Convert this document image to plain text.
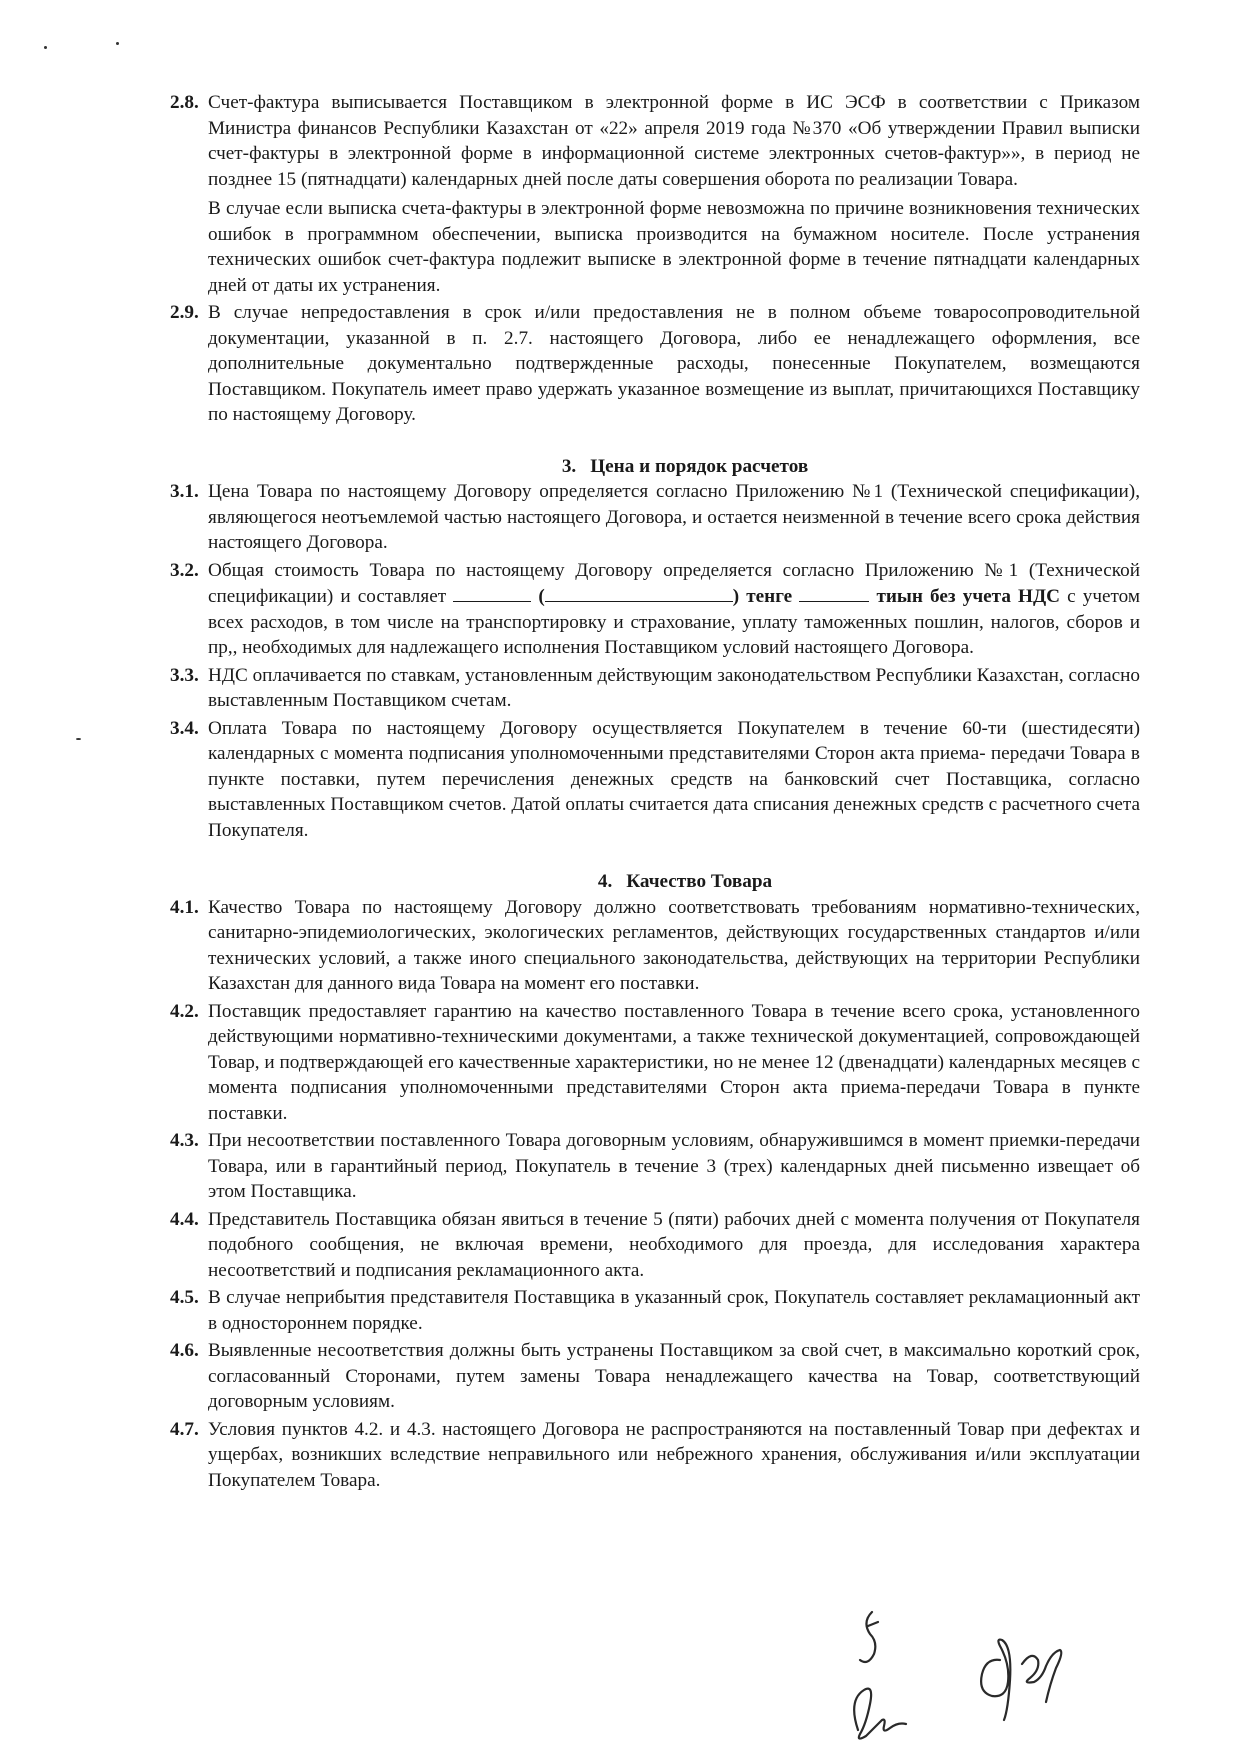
2.8. Счет-фактура выписывается Поставщиком в электронной форме в ИС ЭСФ в соответствии с Приказом Министра финансов Республики Казахстан от «22» апреля 2019 года №370 «Об утверждении Правил выписки счет-фактуры в электронной форме в информационной системе электронных счетов-фактур»», в период не позднее 15 (пятнадцати) календарных дней после даты совершения оборота по реализации Товара.

В случае если выписка счета-фактуры в электронной форме невозможна по причине возникновения технических ошибок в программном обеспечении, выписка производится на бумажном носителе. После устранения технических ошибок счет-фактура подлежит выписке в электронной форме в течение пятнадцати календарных дней от даты их устранения.

2.9. В случае непредоставления в срок и/или предоставления не в полном объеме товаросопроводительной документации, указанной в п. 2.7. настоящего Договора, либо ее ненадлежащего оформления, все дополнительные документально подтвержденные расходы, понесенные Покупателем, возмещаются Поставщиком. Покупатель имеет право удержать указанное возмещение из выплат, причитающихся Поставщику по настоящему Договору.

3. Цена и порядок расчетов
3.1. Цена Товара по настоящему Договору определяется согласно Приложению №1 (Технической спецификации), являющегося неотъемлемой частью настоящего Договора, и остается неизменной в течение всего срока действия настоящего Договора.

3.2. Общая стоимость Товара по настоящему Договору определяется согласно Приложению №1 (Технической спецификации) и составляет	(	) тенге	тиын без учета НДС с учетом всех расходов, в том числе на транспортировку и страхование, уплату таможенных пошлин, налогов, сборов и пр,, необходимых для надлежащего исполнения Поставщиком условий настоящего Договора.

3.3. НДС оплачивается по ставкам, установленным действующим законодательством Республики Казахстан, согласно выставленным Поставщиком счетам.

3.4. Оплата Товара по настоящему Договору осуществляется Покупателем в течение 60-ти (шестидесяти) календарных с момента подписания уполномоченными представителями Сторон акта приема- передачи Товара в пункте поставки, путем перечисления денежных средств на банковский счет Поставщика, согласно выставленных Поставщиком счетов. Датой оплаты считается дата списания денежных средств с расчетного счета Покупателя.

4. Качество Товара
4.1. Качество Товара по настоящему Договору должно соответствовать требованиям нормативно-технических, санитарно-эпидемиологических, экологических регламентов, действующих государственных стандартов и/или технических условий, а также иного специального законодательства, действующих на территории Республики Казахстан для данного вида Товара на момент его поставки.

4.2. Поставщик предоставляет гарантию на качество поставленного Товара в течение всего срока, установленного действующими нормативно-техническими документами, а также технической документацией, сопровождающей Товар, и подтверждающей его качественные характеристики, но не менее 12 (двенадцати) календарных месяцев с момента подписания уполномоченными представителями Сторон акта приема-передачи Товара в пункте поставки.

4.3. При несоответствии поставленного Товара договорным условиям, обнаружившимся в момент приемки-передачи Товара, или в гарантийный период, Покупатель в течение 3 (трех) календарных дней письменно извещает об этом Поставщика.

4.4. Представитель Поставщика обязан явиться в течение 5 (пяти) рабочих дней с момента получения от Покупателя подобного сообщения, не включая времени, необходимого для проезда, для исследования характера несоответствий и подписания рекламационного акта.

4.5. В случае неприбытия представителя Поставщика в указанный срок, Покупатель составляет рекламационный акт в одностороннем порядке.

4.6. Выявленные несоответствия должны быть устранены Поставщиком за свой счет, в максимально короткий срок, согласованный Сторонами, путем замены Товара ненадлежащего качества на Товар, соответствующий договорным условиям.

4.7. Условия пунктов 4.2. и 4.3. настоящего Договора не распространяются на поставленный Товар при дефектах и ущербах, возникших вследствие неправильного или небрежного хранения, обслуживания и/или эксплуатации Покупателем Товара.
